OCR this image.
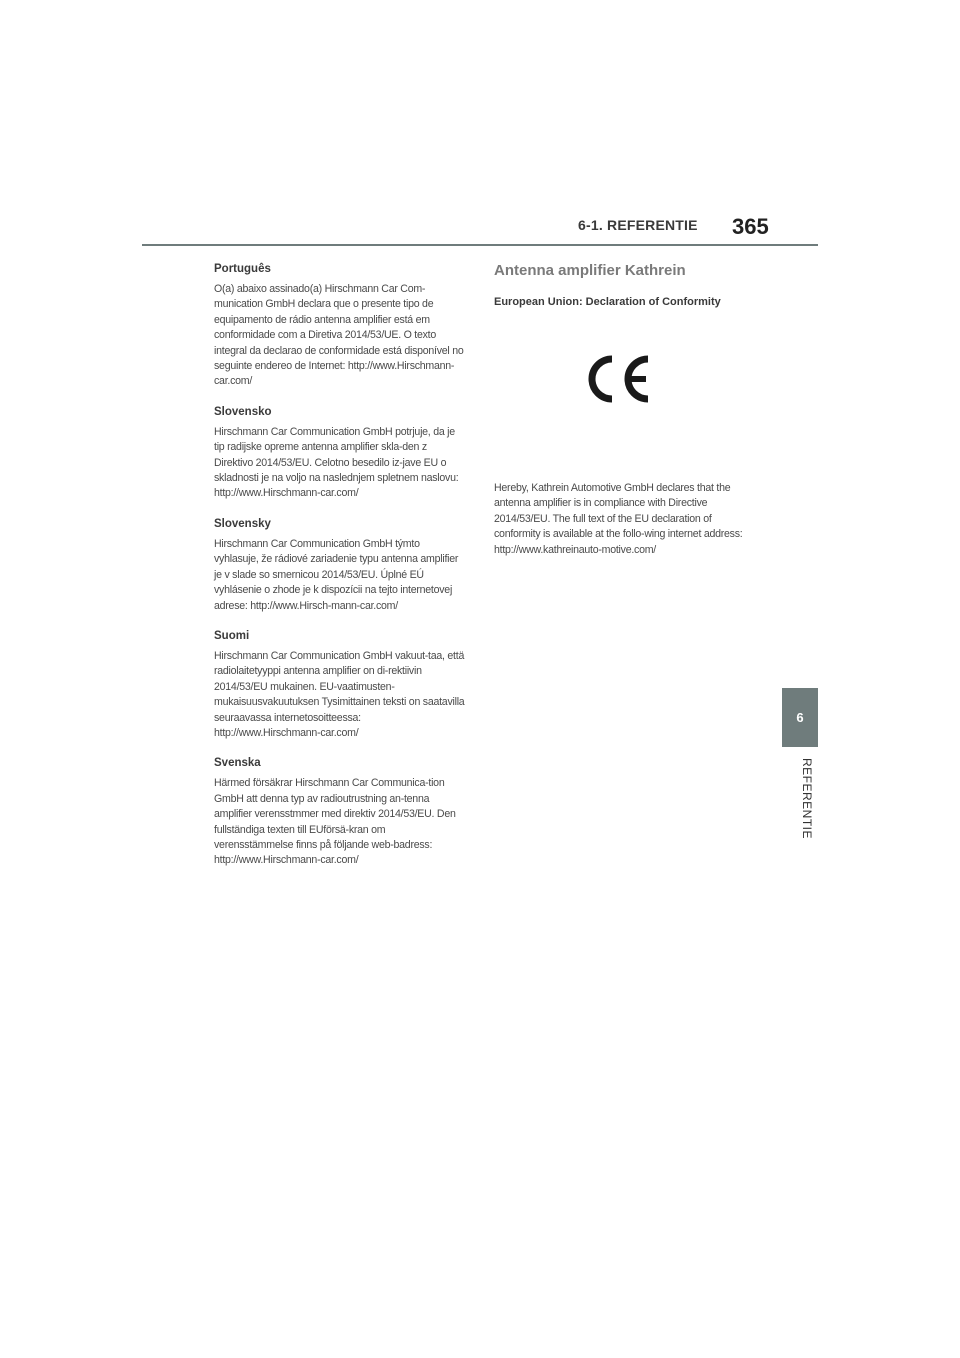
6-1. REFERENTIE 365
Português

O(a) abaixo assinado(a) Hirschmann Car Com-munication GmbH declara que o presente tipo de equipamento de rádio antenna amplifier está em conformidade com a Diretiva 2014/53/UE. O texto integral da declarao de conformidade está disponível no seguinte endereo de Internet: http://www.Hirschmann-car.com/

Slovensko

Hirschmann Car Communication GmbH potrjuje, da je tip radijske opreme antenna amplifier skla-den z Direktivo 2014/53/EU. Celotno besedilo iz-jave EU o skladnosti je na voljo na naslednjem spletnem naslovu: http://www.Hirschmann-car.com/

Slovensky

Hirschmann Car Communication GmbH týmto vyhlasuje, že rádiové zariadenie typu antenna amplifier je v slade so smernicou 2014/53/EU. Úplné EÚ vyhlásenie o zhode je k dispozícii na tejto internetovej adrese: http://www.Hirsch-mann-car.com/

Suomi

Hirschmann Car Communication GmbH vakuut-taa, että radiolaitetyyppi antenna amplifier on di-rektiivin 2014/53/EU mukainen. EU-vaatimusten-mukaisuusvakuutuksen Tysimittainen teksti on saatavilla seuraavassa internetosoitteessa: http://www.Hirschmann-car.com/

Svenska

Härmed försäkrar Hirschmann Car Communica-tion GmbH att denna typ av radioutrustning an-tenna amplifier verensstmmer med direktiv 2014/53/EU. Den fullständiga texten till EUförsä-kran om verensstämmelse finns på följande web-badress: http://www.Hirschmann-car.com/

Antenna amplifier Kathrein
European Union: Declaration of Conformity

Hereby, Kathrein Automotive GmbH declares that the antenna amplifier is in compliance with Directive 2014/53/EU. The full text of the EU declaration of conformity is available at the follo-wing internet address: http://www.kathreinauto-motive.com/

6
REFERENTIE
